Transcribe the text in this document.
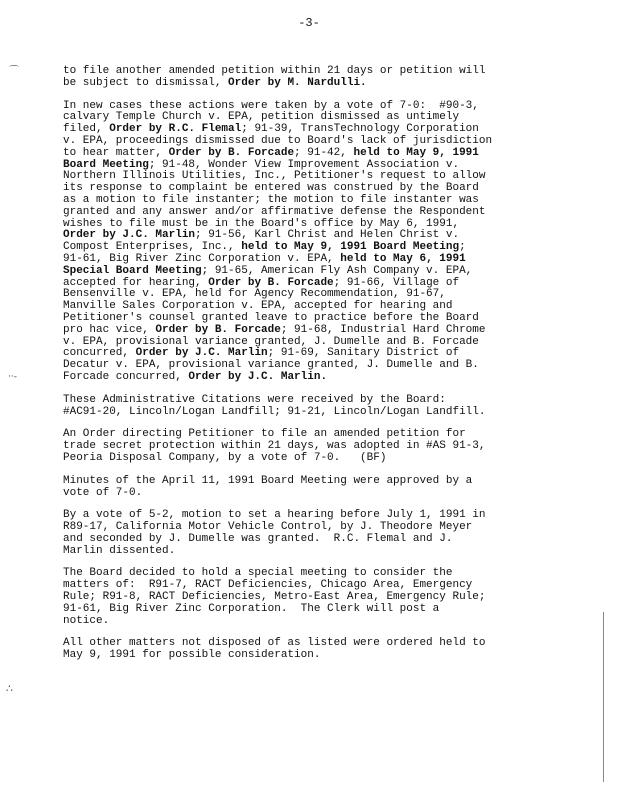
-3-
⌒
··‐
∴
to file another amended petition within 21 days or petition will
be subject to dismissal, Order by M. Nardulli.
In new cases these actions were taken by a vote of 7-0:  #90-3,
calvary Temple Church v. EPA, petition dismissed as untimely
filed, Order by R.C. Flemal; 91-39, TransTechnology Corporation
v. EPA, proceedings dismissed due to Board's lack of jurisdiction
to hear matter, Order by B. Forcade; 91-42, held to May 9, 1991
Board Meeting; 91-48, Wonder View Improvement Association v.
Northern Illinois Utilities, Inc., Petitioner's request to allow
its response to complaint be entered was construed by the Board
as a motion to file instanter; the motion to file instanter was
granted and any answer and/or affirmative defense the Respondent
wishes to file must be in the Board's office by May 6, 1991,
Order by J.C. Marlin; 91-56, Karl Christ and Helen Christ v.
Compost Enterprises, Inc., held to May 9, 1991 Board Meeting;
91-61, Big River Zinc Corporation v. EPA, held to May 6, 1991
Special Board Meeting; 91-65, American Fly Ash Company v. EPA,
accepted for hearing, Order by B. Forcade; 91-66, Village of
Bensenville v. EPA, held for Agency Recommendation, 91-67,
Manville Sales Corporation v. EPA, accepted for hearing and
Petitioner's counsel granted leave to practice before the Board
pro hac vice, Order by B. Forcade; 91-68, Industrial Hard Chrome
v. EPA, provisional variance granted, J. Dumelle and B. Forcade
concurred, Order by J.C. Marlin; 91-69, Sanitary District of
Decatur v. EPA, provisional variance granted, J. Dumelle and B.
Forcade concurred, Order by J.C. Marlin.
These Administrative Citations were received by the Board:
#AC91-20, Lincoln/Logan Landfill; 91-21, Lincoln/Logan Landfill.
An Order directing Petitioner to file an amended petition for
trade secret protection within 21 days, was adopted in #AS 91-3,
Peoria Disposal Company, by a vote of 7-0.   (BF)
Minutes of the April 11, 1991 Board Meeting were approved by a
vote of 7-0.
By a vote of 5-2, motion to set a hearing before July 1, 1991 in
R89-17, California Motor Vehicle Control, by J. Theodore Meyer
and seconded by J. Dumelle was granted.  R.C. Flemal and J.
Marlin dissented.
The Board decided to hold a special meeting to consider the
matters of:  R91-7, RACT Deficiencies, Chicago Area, Emergency
Rule; R91-8, RACT Deficiencies, Metro-East Area, Emergency Rule;
91-61, Big River Zinc Corporation.  The Clerk will post a
notice.
All other matters not disposed of as listed were ordered held to
May 9, 1991 for possible consideration.
